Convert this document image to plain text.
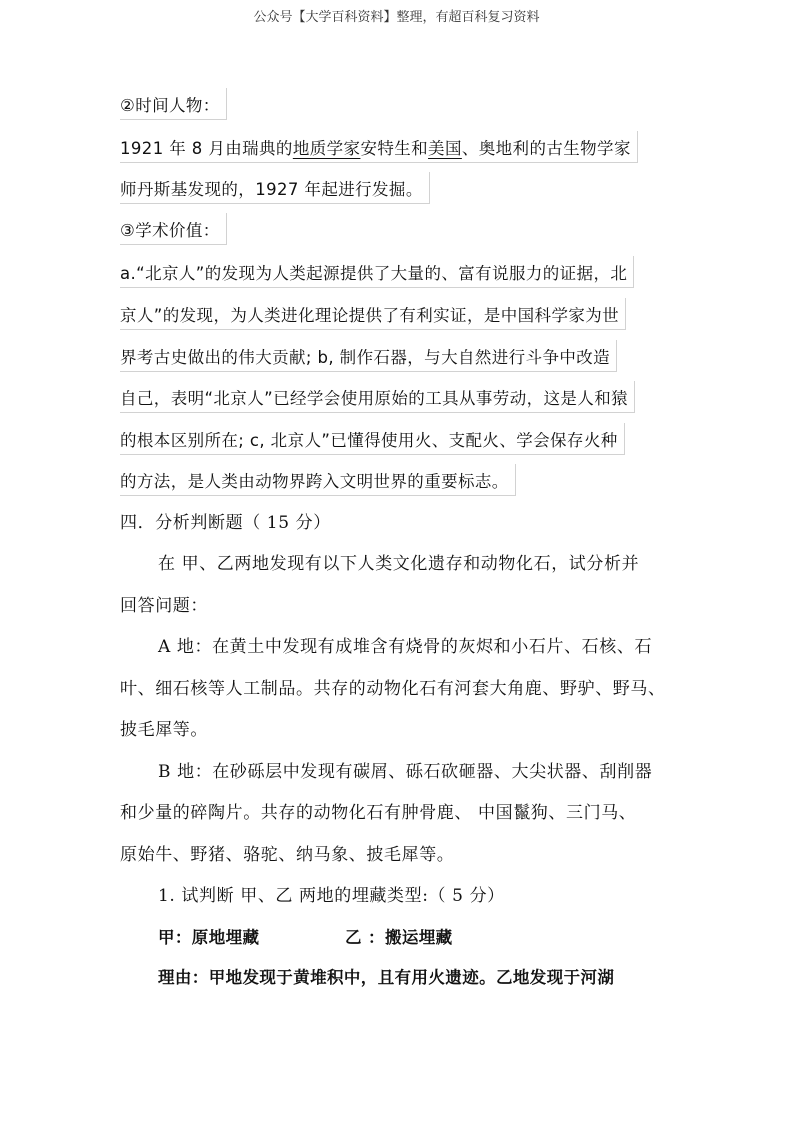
公众号【大学百科资料】整理，有超百科复习资料
②时间人物：
1921 年 8 月由瑞典的地质学家安特生和美国、奥地利的古生物学家
师丹斯基发现的，1927 年起进行发掘。
③学术价值：
a.“北京人”的发现为人类起源提供了大量的、富有说服力的证据，北
京人”的发现，为人类进化理论提供了有利实证，是中国科学家为世
界考古史做出的伟大贡献; b, 制作石器，与大自然进行斗争中改造
自己，表明“北京人”已经学会使用原始的工具从事劳动，这是人和猿
的根本区别所在; c, 北京人”已懂得使用火、支配火、学会保存火种
的方法，是人类由动物界跨入文明世界的重要标志。
四．分析判断题（ 15 分）
在 甲、乙两地发现有以下人类文化遗存和动物化石，试分析并
回答问题：
A 地：在黄土中发现有成堆含有烧骨的灰烬和小石片、石核、石
叶、细石核等人工制品。共存的动物化石有河套大角鹿、野驴、野马、
披毛犀等。
B 地：在砂砾层中发现有碳屑、砾石砍砸器、大尖状器、刮削器
和少量的碎陶片。共存的动物化石有肿骨鹿、 中国鬣狗、三门马、
原始牛、野猪、骆驼、纳马象、披毛犀等。
1. 试判断 甲、乙 两地的埋藏类型:（ 5 分）
甲：原地埋藏	乙 ：搬运埋藏
理由：甲地发现于黄堆积中，且有用火遗迹。乙地发现于河湖
